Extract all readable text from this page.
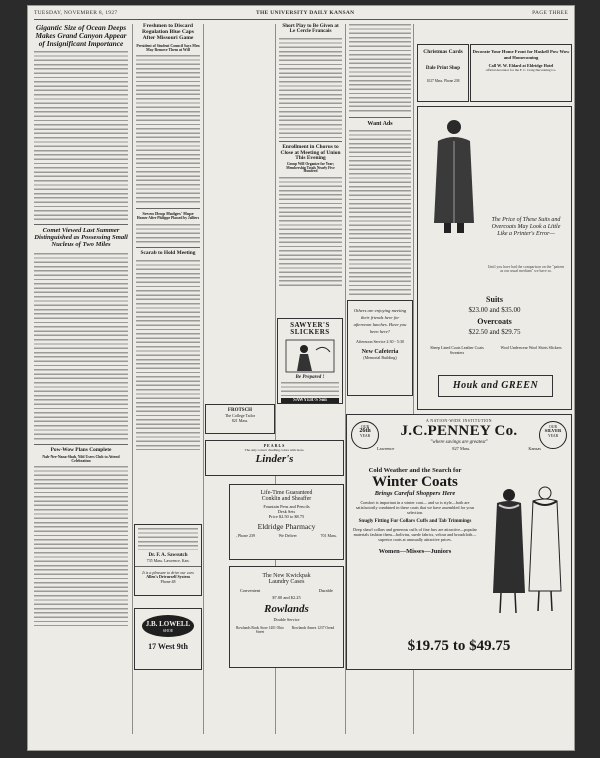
TUESDAY, NOVEMBER 8, 1927	THE UNIVERSITY DAILY KANSAN	PAGE THREE
Gigantic Size of Ocean Deeps Makes Grand Canyon Appear of Insignificant Importance
Comet Viewed Last Summer Distinguished as Possessing Small Nucleus of Two Miles
Pow-Wow Plans Complete
Nah-Nee-Nana-Shah, Yild Users Club to Attend Celebration
Freshmen to Discard Regulation Blue Caps After Missouri Game
President of Student Council Says Men May Remove Them at Will
Seven Drop Hodges' Hope
Homer After Philippe Plassed by Jalliers
Scarab to Hold Meeting
Dr. F. A. Sawsutch
735 Mass. Lawrence, Kan.
It is a pleasure to drive our cars
Allen's Drivurself System
Phone 48
J.B. LOWELL
SHOE
17 West 9th
Short Play to Be Given at Le Cercle Francais
Enrollment in Chorus to Close at Meeting of Union This Evening
Group Will Organize for Year; Membership Totals Nearly Five Hundred
SAWYER'S SLICKERS
Be Prepared !
SAWYER·S Son
FROTSCH
The College Tailor
821 Mass.
Want Ads
Others are enjoying meeting their friends here for afternoon lunches. Have you been here?
Afternoon Service 2:30 - 5:30
New Cafeteria
(Memorial Building)
Christmas Cards
Dale Print Shop
1027 Mass. Phone 238
Decorate Your Home Front for Haskell Pow Wow and Homecoming
Call W. W. Eldard at Eldridge Hotel
official decorator for the F. C. Craig Decorating Co.
The Price of These Suits and Overcoats May Look a Little Like a Printer's Error—
Until you have had the comparison on the "pattern as our usual medium" we have so.
Suits
$23.00 and $35.00
Overcoats
$22.50 and $29.75
Sheep Lined Coats Leather Coats Sweaters
Wool Underwear Wool Shirts Slickers
Houk and GREEN
PEARLS
The only correct dwelling colors with laces.
Linder's
Life-Time Guaranteed
Conklin and Sheaffer
Fountain Pens and Pencils
Desk Sets
Price $2.50 to $8.75
Eldridge Pharmacy
, Phone 239	We Deliver	701 Mass.
The New Kwickpak
Laundry Cases
Convenient	Durable
$7.00 and $2.25
Rowlands
Double Service
Rowlands Book Store 1401 Ohio Street
Rowlands Annex 1237 Oread
OUR
26th
YEAR
OUR
SILVER
YEAR
A NATION-WIDE INSTITUTION
J.C.PENNEY Co.
"where savings are greatest"
Lawrence	827 Mass.	Kansas
Cold Weather and the Search for
Winter Coats
Brings Careful Shoppers Here
Comfort is important in a winter coat— and so is style—both are satisfactorily combined in these coats that we have assembled for your selection.
Snugly Fitting Fur Collars Cuffs and Tab Trimmings
Deep shawl collars and generous cuffs of fine furs are attractive—popular materials fashion them—bolivias, suede fabrics, velour and broadcloth—superior coats at unusually attractive prices.
Women—Misses—Juniors
$19.75 to $49.75
